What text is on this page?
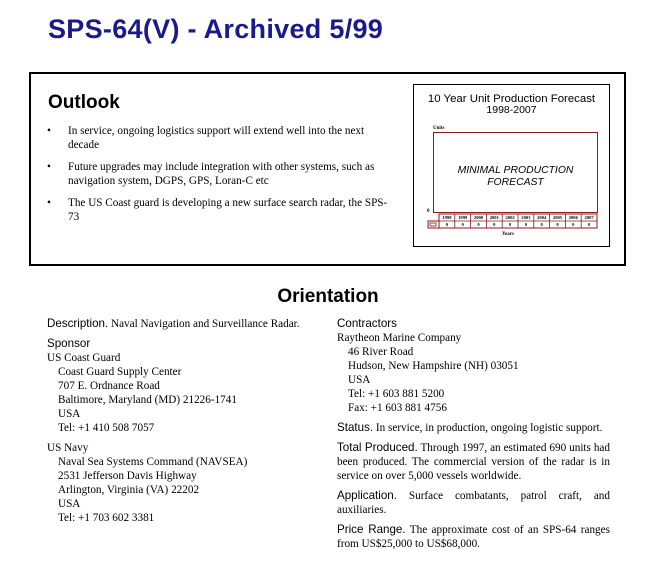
SPS-64(V) - Archived 5/99
Outlook
• In service, ongoing logistics support will extend well into the next decade
• Future upgrades may include integration with other systems, such as navigation system, DGPS, GPS, Loran-C etc
• The US Coast guard is developing a new surface search radar, the SPS-73
10 Year Unit Production Forecast
1998-2007
Units
0
MINIMAL PRODUCTION FORECAST
1998
0
1999
0
2000
0
2001
0
2002
0
2003
0
2004
0
2005
0
2006
0
2007
0
Years
Orientation
Description. Naval Navigation and Surveillance Radar.
Sponsor
US Coast Guard
Coast Guard Supply Center
707 E. Ordnance Road
Baltimore, Maryland (MD) 21226-1741
USA
Tel: +1 410 508 7057
US Navy
Naval Sea Systems Command (NAVSEA)
2531 Jefferson Davis Highway
Arlington, Virginia (VA) 22202
USA
Tel: +1 703 602 3381
Contractors
Raytheon Marine Company
46 River Road
Hudson, New Hampshire (NH) 03051
USA
Tel: +1 603 881 5200
Fax: +1 603 881 4756
Status. In service, in production, ongoing logistic support.
Total Produced. Through 1997, an estimated 690 units had been produced. The commercial version of the radar is in service on over 5,000 vessels worldwide.
Application. Surface combatants, patrol craft, and auxiliaries.
Price Range. The approximate cost of an SPS-64 ranges from US$25,000 to US$68,000.
